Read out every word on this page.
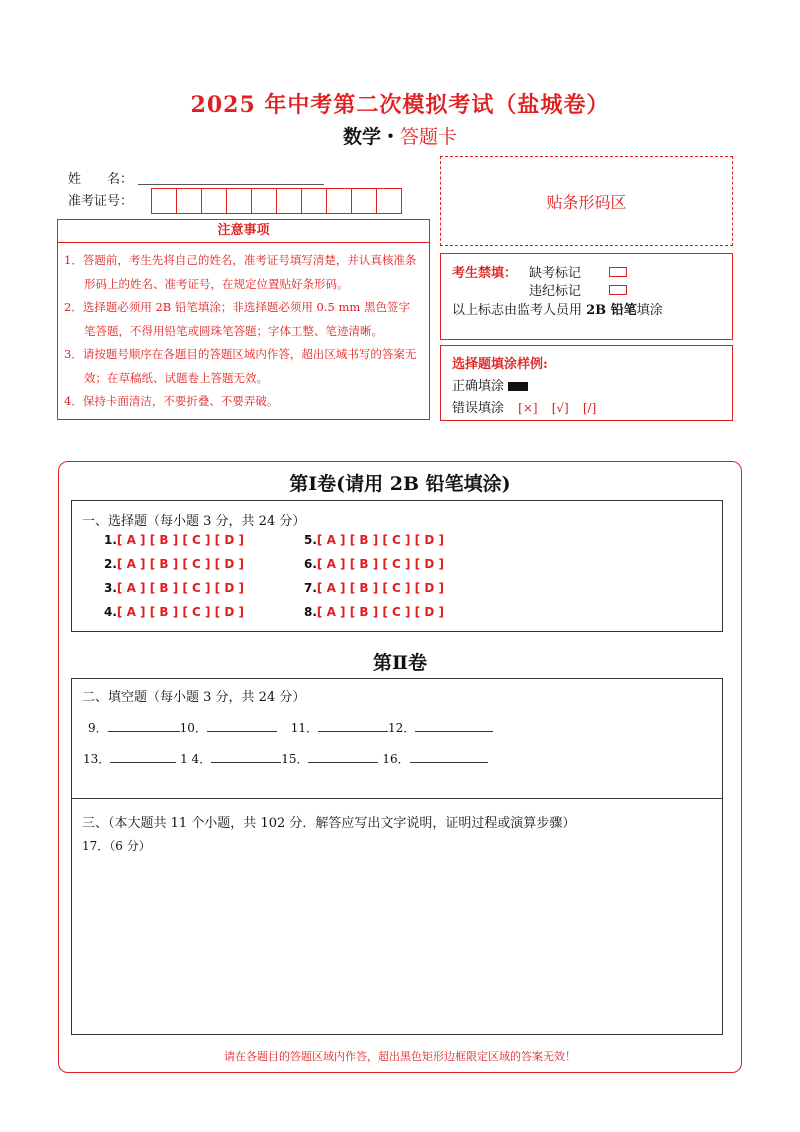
2025 年中考第二次模拟考试（盐城卷）
数学・答题卡
姓　　名：
准考证号：	贴条形码区
注意事项
1．答题前，考生先将自己的姓名，准考证号填写清楚，并认真核准条形码上的姓名、准考证号，在规定位置贴好条形码。
2．选择题必须用 2B 铅笔填涂；非选择题必须用 0.5 mm 黑色签字笔答题，不得用铅笔或圆珠笔答题；字体工整、笔迹清晰。
3．请按题号顺序在各题目的答题区域内作答，超出区域书写的答案无效；在草稿纸、试题卷上答题无效。
4．保持卡面清洁，不要折叠、不要弄破。
考生禁填： 缺考标记
违纪标记
以上标志由监考人员用 2B 铅笔填涂
选择题填涂样例:
正确填涂
错误填涂 [×] [√] [/]
第Ⅰ卷(请用 2B 铅笔填涂)
一、选择题（每小题 3 分，共 24 分）
1.[ A ] [ B ] [ C ] [ D ]
2.[ A ] [ B ] [ C ] [ D ]
3.[ A ] [ B ] [ C ] [ D ]
4.[ A ] [ B ] [ C ] [ D ]
5.[ A ] [ B ] [ C ] [ D ]
6.[ A ] [ B ] [ C ] [ D ]
7.[ A ] [ B ] [ C ] [ D ]
8.[ A ] [ B ] [ C ] [ D ]
第Ⅱ卷
二、填空题（每小题 3 分，共 24 分）
9．	10．	11．	12．
13．	1 4．	15．	16．
三、（本大题共 11 个小题，共 102 分．解答应写出文字说明，证明过程或演算步骤）
17．（6 分）
请在各题目的答题区域内作答，超出黑色矩形边框限定区域的答案无效！
